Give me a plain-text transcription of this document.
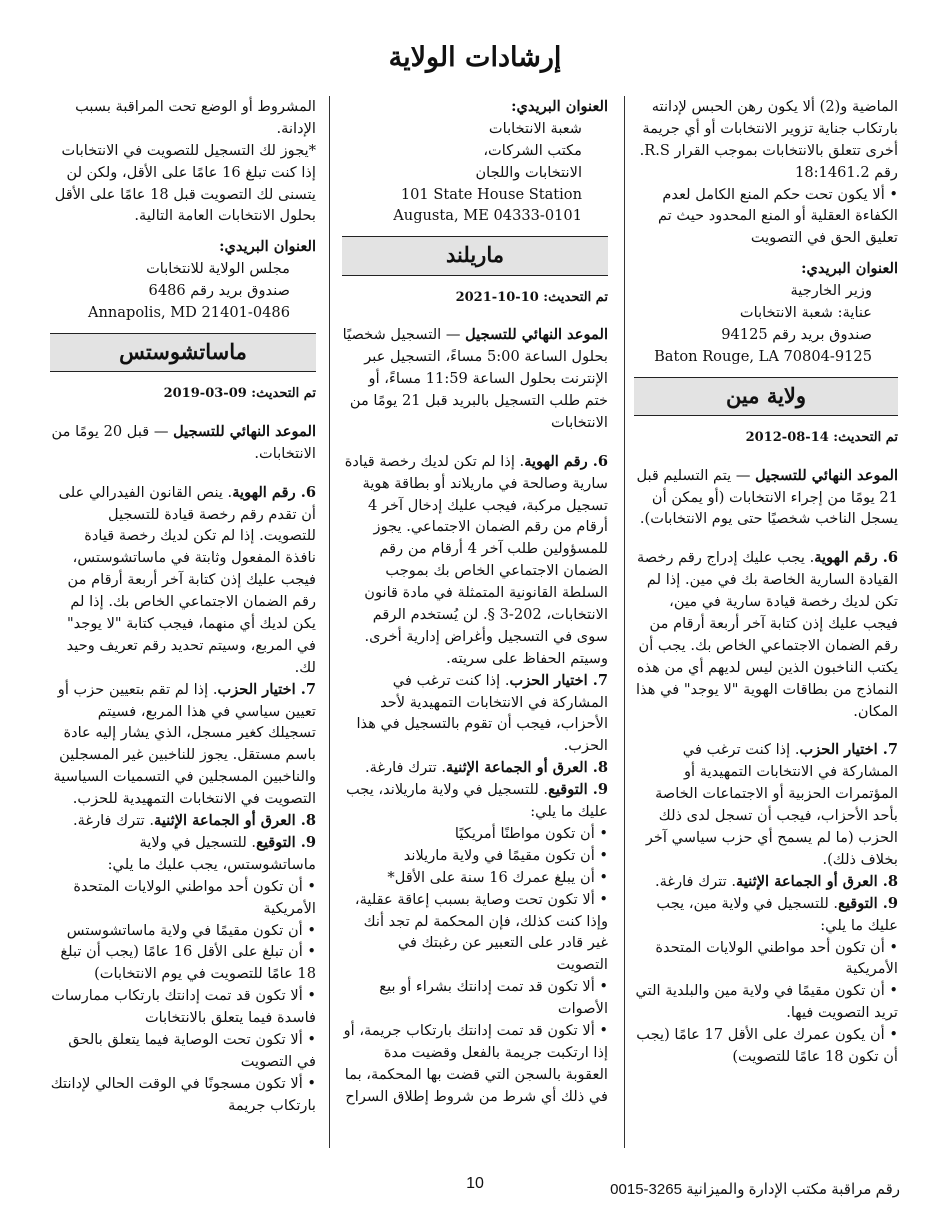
إرشادات الولاية

الماضية و(2) ألا يكون رهن الحبس لإدانته بارتكاب جناية تزوير الانتخابات أو أي جريمة أخرى تتعلق بالانتخابات بموجب القرار R.S. رقم 18:1461.2

• ألا يكون تحت حكم المنع الكامل لعدم الكفاءة العقلية أو المنع المحدود حيث تم تعليق الحق في التصويت

العنوان البريدي:

وزير الخارجية

عناية: شعبة الانتخابات

صندوق بريد رقم 94125

Baton Rouge, LA 70804-9125

ولاية مين

تم التحديث: 14-08-2012

الموعد النهائي للتسجيل — يتم التسليم قبل 21 يومًا من إجراء الانتخابات (أو يمكن أن يسجل الناخب شخصيًا حتى يوم الانتخابات).

6. رقم الهوية. يجب عليك إدراج رقم رخصة القيادة السارية الخاصة بك في مين. إذا لم تكن لديك رخصة قيادة سارية في مين، فيجب عليك إذن كتابة آخر أربعة أرقام من رقم الضمان الاجتماعي الخاص بك. يجب أن يكتب الناخبون الذين ليس لديهم أي من هذه النماذج من بطاقات الهوية "لا يوجد" في هذا المكان.

7. اختيار الحزب. إذا كنت ترغب في المشاركة في الانتخابات التمهيدية أو المؤتمرات الحزبية أو الاجتماعات الخاصة بأحد الأحزاب، فيجب أن تسجل لدى ذلك الحزب (ما لم يسمح أي حزب سياسي آخر بخلاف ذلك).

8. العرق أو الجماعة الإثنية. تترك فارغة.

9. التوقيع. للتسجيل في ولاية مين، يجب عليك ما يلي:

• أن تكون أحد مواطني الولايات المتحدة الأمريكية

• أن تكون مقيمًا في ولاية مين والبلدية التي تريد التصويت فيها.

• أن يكون عمرك على الأقل 17 عامًا (يجب أن تكون 18 عامًا للتصويت)

العنوان البريدي:

شعبة الانتخابات

مكتب الشركات،

الانتخابات واللجان

101 State House Station

Augusta, ME 04333-0101

ماريلند

تم التحديث: 10-10-2021

الموعد النهائي للتسجيل — التسجيل شخصيًا بحلول الساعة 5:00 مساءً، التسجيل عبر الإنترنت بحلول الساعة 11:59 مساءً، أو ختم طلب التسجيل بالبريد قبل 21 يومًا من الانتخابات

6. رقم الهوية. إذا لم تكن لديك رخصة قيادة سارية وصالحة في ماريلاند أو بطاقة هوية تسجيل مركبة، فيجب عليك إدخال آخر 4 أرقام من رقم الضمان الاجتماعي. يجوز للمسؤولين طلب آخر 4 أرقام من رقم الضمان الاجتماعي الخاص بك بموجب السلطة القانونية المتمثلة في مادة قانون الانتخابات، 202-3 §. لن يُستخدم الرقم سوى في التسجيل وأغراض إدارية أخرى. وسيتم الحفاظ على سريته.

7. اختيار الحزب. إذا كنت ترغب في المشاركة في الانتخابات التمهيدية لأحد الأحزاب، فيجب أن تقوم بالتسجيل في هذا الحزب.

8. العرق أو الجماعة الإثنية. تترك فارغة.

9. التوقيع. للتسجيل في ولاية ماريلاند، يجب عليك ما يلي:

• أن تكون مواطنًا أمريكيًا

• أن تكون مقيمًا في ولاية ماريلاند

• أن يبلغ عمرك 16 سنة على الأقل*

• ألا تكون تحت وصاية بسبب إعاقة عقلية، وإذا كنت كذلك، فإن المحكمة لم تجد أنك غير قادر على التعبير عن رغبتك في التصويت

• ألا تكون قد تمت إدانتك بشراء أو بيع الأصوات

• ألا تكون قد تمت إدانتك بارتكاب جريمة، أو إذا ارتكبت جريمة بالفعل وقضيت مدة العقوبة بالسجن التي قضت بها المحكمة، بما في ذلك أي شرط من شروط إطلاق السراح

المشروط أو الوضع تحت المراقبة بسبب الإدانة.

*يجوز لك التسجيل للتصويت في الانتخابات إذا كنت تبلغ 16 عامًا على الأقل، ولكن لن يتسنى لك التصويت قبل 18 عامًا على الأقل بحلول الانتخابات العامة التالية.

العنوان البريدي:

مجلس الولاية للانتخابات

صندوق بريد رقم 6486

Annapolis, MD 21401-0486

ماساتشوستس

تم التحديث: 09-03-2019

الموعد النهائي للتسجيل — قبل 20 يومًا من الانتخابات.

6. رقم الهوية. ينص القانون الفيدرالي على أن تقدم رقم رخصة قيادة للتسجيل للتصويت. إذا لم تكن لديك رخصة قيادة نافذة المفعول وثابتة في ماساتشوستس، فيجب عليك إذن كتابة آخر أربعة أرقام من رقم الضمان الاجتماعي الخاص بك. إذا لم يكن لديك أي منهما، فيجب كتابة "لا يوجد" في المربع، وسيتم تحديد رقم تعريف وحيد لك.

7. اختيار الحزب. إذا لم تقم بتعيين حزب أو تعيين سياسي في هذا المربع، فسيتم تسجيلك كغير مسجل، الذي يشار إليه عادة باسم مستقل. يجوز للناخبين غير المسجلين والناخبين المسجلين في التسميات السياسية التصويت في الانتخابات التمهيدية للحزب.

8. العرق أو الجماعة الإثنية. تترك فارغة.

9. التوقيع. للتسجيل في ولاية ماساتشوستس، يجب عليك ما يلي:

• أن تكون أحد مواطني الولايات المتحدة الأمريكية

• أن تكون مقيمًا في ولاية ماساتشوستس

• أن تبلغ على الأقل 16 عامًا (يجب أن تبلغ 18 عامًا للتصويت في يوم الانتخابات)

• ألا تكون قد تمت إدانتك بارتكاب ممارسات فاسدة فيما يتعلق بالانتخابات

• ألا تكون تحت الوصاية فيما يتعلق بالحق في التصويت

• ألا تكون مسجونًا في الوقت الحالي لإدانتك بارتكاب جريمة

10	رقم مراقبة مكتب الإدارة والميزانية 3265-0015
